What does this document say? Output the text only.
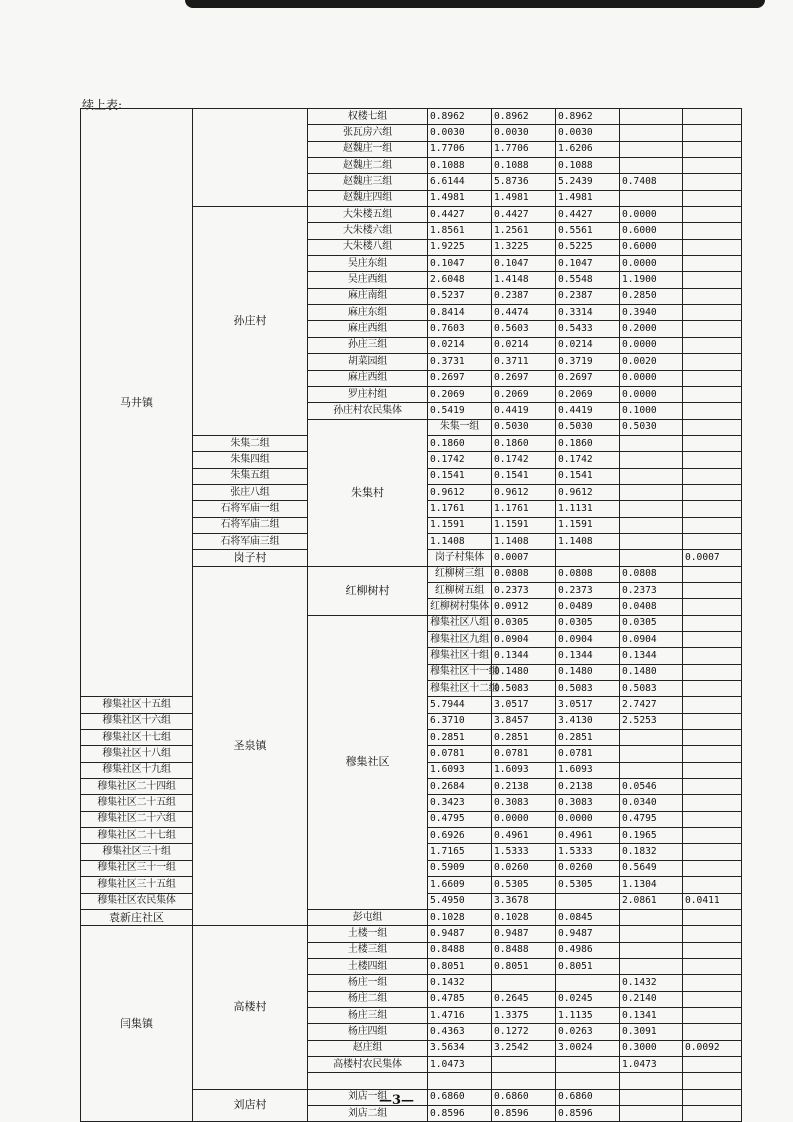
续上表:
马井镇		权楼七组	0.8962	0.8962	0.8962			
		张瓦房六组	0.0030	0.0030	0.0030			
		赵魏庄一组	1.7706	1.7706	1.6206			
		赵魏庄二组	0.1088	0.1088	0.1088			
		赵魏庄三组	6.6144	5.8736	5.2439	0.7408		
		赵魏庄四组	1.4981	1.4981	1.4981			
	孙庄村	大朱楼五组	0.4427	0.4427	0.4427	0.0000		
		大朱楼六组	1.8561	1.2561	0.5561	0.6000		
		大朱楼八组	1.9225	1.3225	0.5225	0.6000		
		吴庄东组	0.1047	0.1047	0.1047	0.0000		
		吴庄西组	2.6048	1.4148	0.5548	1.1900		
		麻庄南组	0.5237	0.2387	0.2387	0.2850		
		麻庄东组	0.8414	0.4474	0.3314	0.3940		
		麻庄西组	0.7603	0.5603	0.5433	0.2000		
		孙庄三组	0.0214	0.0214	0.0214	0.0000		
		胡菜园组	0.3731	0.3711	0.3719	0.0020		
		麻庄西组	0.2697	0.2697	0.2697	0.0000		
		罗庄村组	0.2069	0.2069	0.2069	0.0000		
		孙庄村农民集体	0.5419	0.4419	0.4419	0.1000		
		朱集村	朱集一组	0.5030	0.5030	0.5030		
	朱集二组		0.1860	0.1860	0.1860			
	朱集四组		0.1742	0.1742	0.1742			
	朱集五组		0.1541	0.1541	0.1541			
	张庄八组		0.9612	0.9612	0.9612			
	石将军庙一组		1.1761	1.1761	1.1131			
	石将军庙二组		1.1591	1.1591	1.1591			
	石将军庙三组		1.1408	1.1408	1.1408			
	岗子村		岗子村集体	0.0007			0.0007	
	圣泉镇	红柳树村	红柳树三组	0.0808	0.0808	0.0808		
			红柳树五组	0.2373	0.2373	0.2373		
			红柳树村集体	0.0912	0.0489	0.0408		
		穆集社区	穆集社区八组	0.0305	0.0305	0.0305		
			穆集社区九组	0.0904	0.0904	0.0904		
			穆集社区十组	0.1344	0.1344	0.1344		
			穆集社区十一组	0.1480	0.1480	0.1480		
			穆集社区十二组	0.5083	0.5083	0.5083		
穆集社区十五组			5.7944	3.0517	3.0517	2.7427		
穆集社区十六组			6.3710	3.8457	3.4130	2.5253		
穆集社区十七组			0.2851	0.2851	0.2851			
穆集社区十八组			0.0781	0.0781	0.0781			
穆集社区十九组			1.6093	1.6093	1.6093			
穆集社区二十四组			0.2684	0.2138	0.2138	0.0546		
穆集社区二十五组			0.3423	0.3083	0.3083	0.0340		
穆集社区二十六组			0.4795	0.0000	0.0000	0.4795		
穆集社区二十七组			0.6926	0.4961	0.4961	0.1965		
穆集社区三十组			1.7165	1.5333	1.5333	0.1832		
穆集社区三十一组			0.5909	0.0260	0.0260	0.5649		
穆集社区三十五组			1.6609	0.5305	0.5305	1.1304		
穆集社区农民集体			5.4950	3.3678		2.0861	0.0411	
袁新庄社区		彭屯组	0.1028	0.1028	0.0845			
闫集镇	高楼村	土楼一组	0.9487	0.9487	0.9487			
		土楼三组	0.8488	0.8488	0.4986			
		土楼四组	0.8051	0.8051	0.8051			
		杨庄一组	0.1432			0.1432		
		杨庄二组	0.4785	0.2645	0.0245	0.2140		
		杨庄三组	1.4716	1.3375	1.1135	0.1341		
		杨庄四组	0.4363	0.1272	0.0263	0.3091		
		赵庄组	3.5634	3.2542	3.0024	0.3000	0.0092	
		高楼村农民集体	1.0473			1.0473		

	刘店村	刘店一组	0.6860	0.6860	0.6860			
		刘店二组	0.8596	0.8596	0.8596			
—3—
